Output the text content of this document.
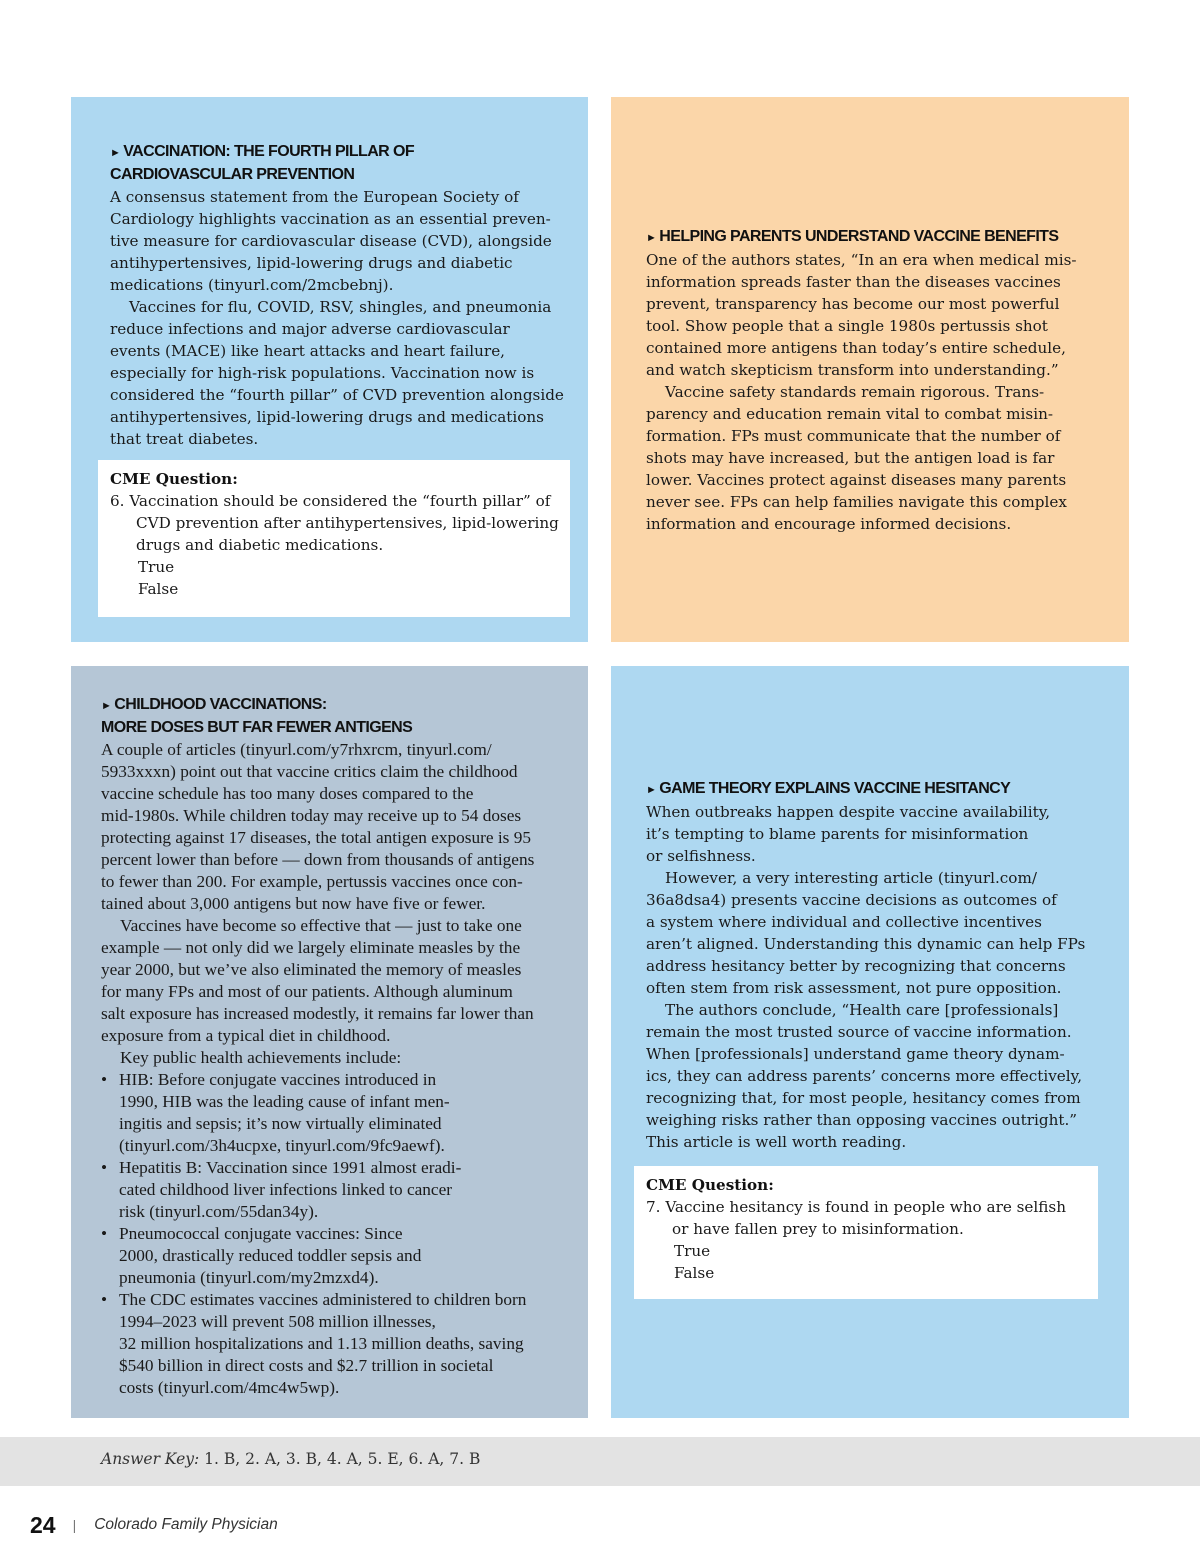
► VACCINATION: THE FOURTH PILLAR OF
CARDIOVASCULAR PREVENTION
A consensus statement from the European Society of
Cardiology highlights vaccination as an essential preven-
tive measure for cardiovascular disease (CVD), alongside
antihypertensives, lipid-lowering drugs and diabetic
medications (tinyurl.com/2mcbebnj).
Vaccines for flu, COVID, RSV, shingles, and pneumonia
reduce infections and major adverse cardiovascular
events (MACE) like heart attacks and heart failure,
especially for high-risk populations. Vaccination now is
considered the “fourth pillar” of CVD prevention alongside
antihypertensives, lipid-lowering drugs and medications
that treat diabetes.
CME Question:
6. Vaccination should be considered the “fourth pillar” of
CVD prevention after antihypertensives, lipid-lowering
drugs and diabetic medications.
True
False
► HELPING PARENTS UNDERSTAND VACCINE BENEFITS
One of the authors states, “In an era when medical mis-
information spreads faster than the diseases vaccines
prevent, transparency has become our most powerful
tool. Show people that a single 1980s pertussis shot
contained more antigens than today’s entire schedule,
and watch skepticism transform into understanding.”
Vaccine safety standards remain rigorous. Trans-
parency and education remain vital to combat misin-
formation. FPs must communicate that the number of
shots may have increased, but the antigen load is far
lower. Vaccines protect against diseases many parents
never see. FPs can help families navigate this complex
information and encourage informed decisions.
► CHILDHOOD VACCINATIONS:
MORE DOSES BUT FAR FEWER ANTIGENS
A couple of articles (tinyurl.com/y7rhxrcm, tinyurl.com/
5933xxxn) point out that vaccine critics claim the childhood
vaccine schedule has too many doses compared to the
mid-1980s. While children today may receive up to 54 doses
protecting against 17 diseases, the total antigen exposure is 95
percent lower than before — down from thousands of antigens
to fewer than 200. For example, pertussis vaccines once con-
tained about 3,000 antigens but now have five or fewer.
Vaccines have become so effective that — just to take one
example — not only did we largely eliminate measles by the
year 2000, but we’ve also eliminated the memory of measles
for many FPs and most of our patients. Although aluminum
salt exposure has increased modestly, it remains far lower than
exposure from a typical diet in childhood.
Key public health achievements include:
• HIB: Before conjugate vaccines introduced in
1990, HIB was the leading cause of infant men-
ingitis and sepsis; it’s now virtually eliminated
(tinyurl.com/3h4ucpxe, tinyurl.com/9fc9aewf).
• Hepatitis B: Vaccination since 1991 almost eradi-
cated childhood liver infections linked to cancer
risk (tinyurl.com/55dan34y).
• Pneumococcal conjugate vaccines: Since
2000, drastically reduced toddler sepsis and
pneumonia (tinyurl.com/my2mzxd4).
• The CDC estimates vaccines administered to children born
1994–2023 will prevent 508 million illnesses,
32 million hospitalizations and 1.13 million deaths, saving
$540 billion in direct costs and $2.7 trillion in societal
costs (tinyurl.com/4mc4w5wp).
► GAME THEORY EXPLAINS VACCINE HESITANCY
When outbreaks happen despite vaccine availability,
it’s tempting to blame parents for misinformation
or selfishness.
However, a very interesting article (tinyurl.com/
36a8dsa4) presents vaccine decisions as outcomes of
a system where individual and collective incentives
aren’t aligned. Understanding this dynamic can help FPs
address hesitancy better by recognizing that concerns
often stem from risk assessment, not pure opposition.
The authors conclude, “Health care [professionals]
remain the most trusted source of vaccine information.
When [professionals] understand game theory dynam-
ics, they can address parents’ concerns more effectively,
recognizing that, for most people, hesitancy comes from
weighing risks rather than opposing vaccines outright.”
This article is well worth reading.
CME Question:
7. Vaccine hesitancy is found in people who are selfish
or have fallen prey to misinformation.
True
False
Answer Key: 1. B, 2. A, 3. B, 4. A, 5. E, 6. A, 7. B
24 | Colorado Family Physician
